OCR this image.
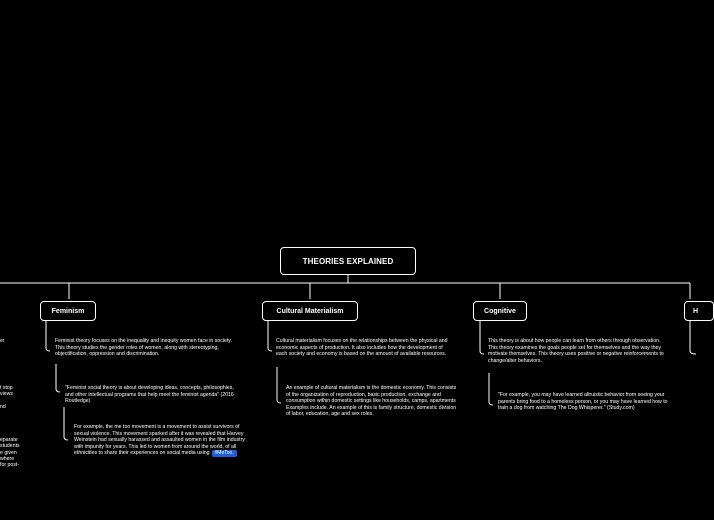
THEORIES EXPLAINED
Feminism
Feminist theory focuses on the inequality and inequity women face in society. This theory studies the gender roles of women, along with stereotyping, objectification, oppression and discrimination.
"Feminist social theory is about developing ideas, concepts, philosophies, and other intellectual programs that help meet the feminist agenda" (2016 Routledge)
For example, the me too movement is a movement to assist survivors of sexual violence. This movement sparked after it was revealed that Harvey Weinstein had sexually harassed and assaulted women in the film industry with impunity for years. This led to women from around the world, of all ethnicities to share their experiences on social media using #MeToo.
Cultural Materialism
Cultural materialism focuses on the relationships between the physical and economic aspects of production. It also includes how the development of each society and economy is based on the amount of available resources.
An example of cultural materialism is the domestic economy. This consists of the organization of reproduction, basic production, exchange and consumption within domestic settings like households, camps, apartments Examples include. An example of this is family structure, domestic division of labor, education, age and sex roles.
Cognitive
This theory is about how people can learn from others through observation. This theory examines the goals people set for themselves and the way they motivate themselves. This theory uses positive or negative reinforcements to change/alter behaviors.
"For example, you may have learned altruistic behavior from seeing your parents bring food to a homeless person, or you may have learned how to train a dog from watching The Dog Whisperer." (Study.com)
H
er
t stop
views
nd
eparate
students
e given
where
for post-
